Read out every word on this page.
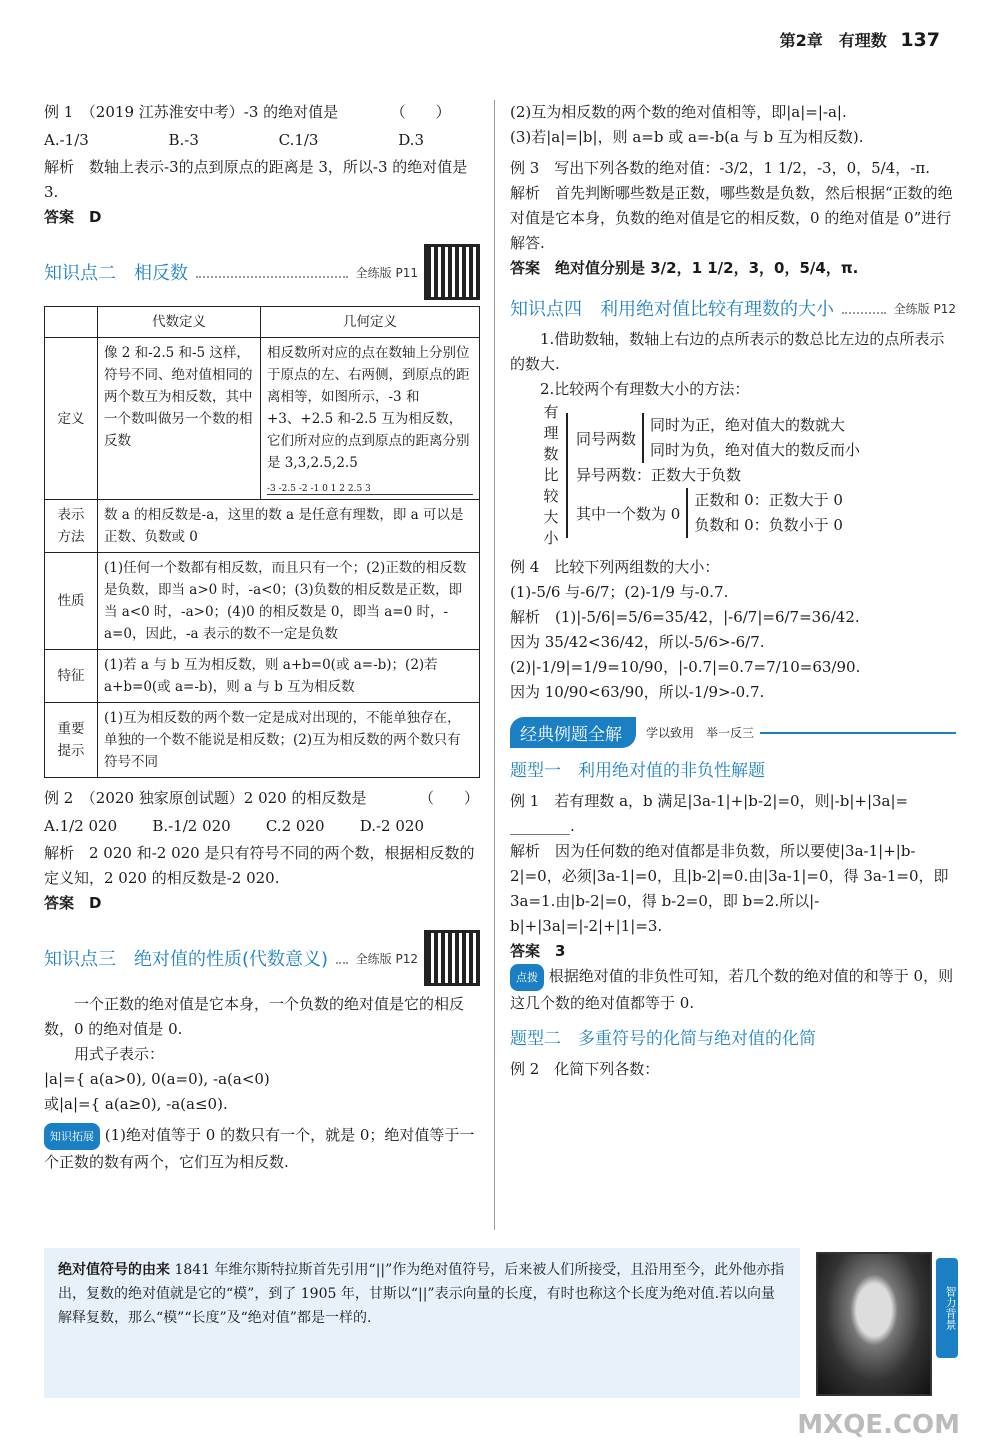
第2章　有理数 137

例 1　（2019 江苏淮安中考）-3 的绝对值是　　　　（　　）

A.-1/3	B.-3	C.1/3	D.3

解析　数轴上表示-3的点到原点的距离是 3，所以-3 的绝对值是 3.

答案　D

知识点二　相反数	全练版 P11
	代数定义	几何定义
定义	像 2 和-2.5 和-5 这样，符号不同、绝对值相同的两个数互为相反数，其中一个数叫做另一个数的相反数	相反数所对应的点在数轴上分别位于原点的左、右两侧，到原点的距离相等，如图所示，-3 和+3、+2.5 和-2.5 互为相反数，它们所对应的点到原点的距离分别是 3,3,2.5,2.5
-3 -2.5 -2 -1 0 1 2 2.5 3

表示方法	数 a 的相反数是-a，这里的数 a 是任意有理数，即 a 可以是正数、负数或 0	
性质	(1)任何一个数都有相反数，而且只有一个；(2)正数的相反数是负数，即当 a>0 时，-a<0；(3)负数的相反数是正数，即当 a<0 时，-a>0；(4)0 的相反数是 0，即当 a=0 时，-a=0，因此，-a 表示的数不一定是负数	
特征	(1)若 a 与 b 互为相反数，则 a+b=0(或 a=-b)；(2)若 a+b=0(或 a=-b)，则 a 与 b 互为相反数	
重要提示	(1)互为相反数的两个数一定是成对出现的，不能单独存在，单独的一个数不能说是相反数；(2)互为相反数的两个数只有符号不同	

例 2　（2020 独家原创试题）2 020 的相反数是　　　　（　　）

A.1/2 020 B.-1/2 020 C.2 020 D.-2 020

解析　2 020 和-2 020 是只有符号不同的两个数，根据相反数的定义知，2 020 的相反数是-2 020.

答案　D

知识点三　绝对值的性质(代数意义) 全练版 P12

一个正数的绝对值是它本身，一个负数的绝对值是它的相反数，0 的绝对值是 0.

用式子表示：

|a|={ a(a>0), 0(a=0), -a(a<0)

或|a|={ a(a≥0), -a(a≤0).

知识拓展 (1)绝对值等于 0 的数只有一个，就是 0；绝对值等于一个正数的数有两个，它们互为相反数.

(2)互为相反数的两个数的绝对值相等，即|a|=|-a|.

(3)若|a|=|b|，则 a=b 或 a=-b(a 与 b 互为相反数).

例 3　写出下列各数的绝对值：-3/2，1 1/2，-3，0，5/4，-π.

解析　首先判断哪些数是正数，哪些数是负数，然后根据“正数的绝对值是它本身，负数的绝对值是它的相反数，0 的绝对值是 0”进行解答.

答案　绝对值分别是 3/2，1 1/2，3，0，5/4，π.

知识点四　利用绝对值比较有理数的大小	全练版 P12

1.借助数轴，数轴上右边的点所表示的数总比左边的点所表示的数大.

2.比较两个有理数大小的方法：

有理数比较大小
同号两数

同时为正，绝对值大的数就大

同时为负，绝对值大的数反而小

异号两数：正数大于负数

其中一个数为 0

正数和 0：正数大于 0

负数和 0：负数小于 0

例 4　比较下列两组数的大小：

(1)-5/6 与-6/7；(2)-1/9 与-0.7.

解析　(1)|-5/6|=5/6=35/42，|-6/7|=6/7=36/42.

因为 35/42<36/42，所以-5/6>-6/7.

(2)|-1/9|=1/9=10/90，|-0.7|=0.7=7/10=63/90.

因为 10/90<63/90，所以-1/9>-0.7.

经典例题全解	学以致用　举一反三
题型一　利用绝对值的非负性解题

例 1　若有理数 a，b 满足|3a-1|+|b-2|=0，则|-b|+|3a|=

________.

解析　因为任何数的绝对值都是非负数，所以要使|3a-1|+|b-2|=0，必须|3a-1|=0，且|b-2|=0.由|3a-1|=0，得 3a-1=0，即 3a=1.由|b-2|=0，得 b-2=0，即 b=2.所以|-b|+|3a|=|-2|+|1|=3.

答案　3

点拨 根据绝对值的非负性可知，若几个数的绝对值的和等于 0，则这几个数的绝对值都等于 0.

题型二　多重符号的化简与绝对值的化简

例 2　化简下列各数：

绝对值符号的由来 1841 年维尔斯特拉斯首先引用“||”作为绝对值符号，后来被人们所接受，且沿用至今，此外他亦指出，复数的绝对值就是它的“模”，到了 1905 年，甘斯以“||”表示向量的长度，有时也称这个长度为绝对值.若以向量解释复数，那么“模”“长度”及“绝对值”都是一样的.	智力背景
MXQE.COM
